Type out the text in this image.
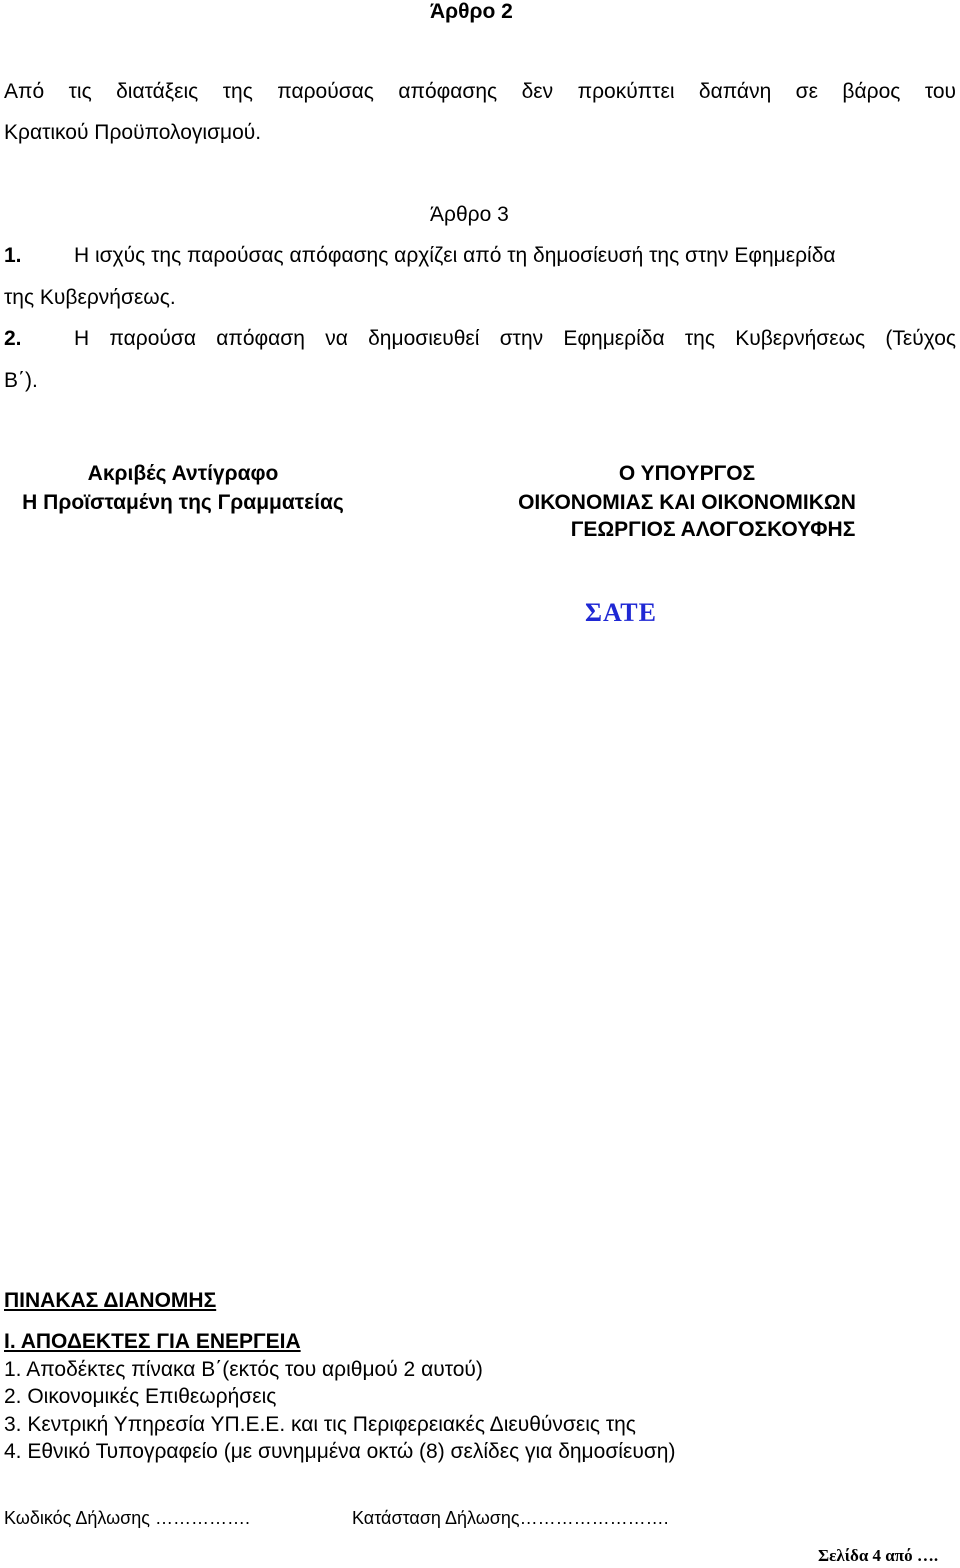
Άρθρο 2
Από τις διατάξεις της παρούσας απόφασης δεν προκύπτει δαπάνη σε βάρος του
Κρατικού Προϋπολογισμού.
Άρθρο 3
1. Η ισχύς της παρούσας απόφασης αρχίζει από τη δημοσίευσή της στην Εφημερίδα
της Κυβερνήσεως.
2. Η παρούσα απόφαση να δημοσιευθεί στην Εφημερίδα της Κυβερνήσεως (Τεύχος
Β΄).
Ακριβές Αντίγραφο
Η Προϊσταμένη της Γραμματείας
Ο ΥΠΟΥΡΓΟΣ
ΟΙΚΟΝΟΜΙΑΣ ΚΑΙ ΟΙΚΟΝΟΜΙΚΩΝ
ΓΕΩΡΓΙΟΣ ΑΛΟΓΟΣΚΟΥΦΗΣ
ΣΑΤΕ
ΠΙΝΑΚΑΣ ΔΙΑΝΟΜΗΣ
Ι. ΑΠΟΔΕΚΤΕΣ ΓΙΑ ΕΝΕΡΓΕΙΑ
1. Αποδέκτες πίνακα Β΄(εκτός του αριθμού 2 αυτού)
2. Οικονομικές Επιθεωρήσεις
3. Κεντρική Υπηρεσία ΥΠ.Ε.Ε. και τις Περιφερειακές Διευθύνσεις της
4. Εθνικό Τυπογραφείο (με συνημμένα οκτώ (8) σελίδες για δημοσίευση)
Κωδικός Δήλωσης …………….	Κατάσταση Δήλωσης…………………….
Σελίδα 4 από ….
